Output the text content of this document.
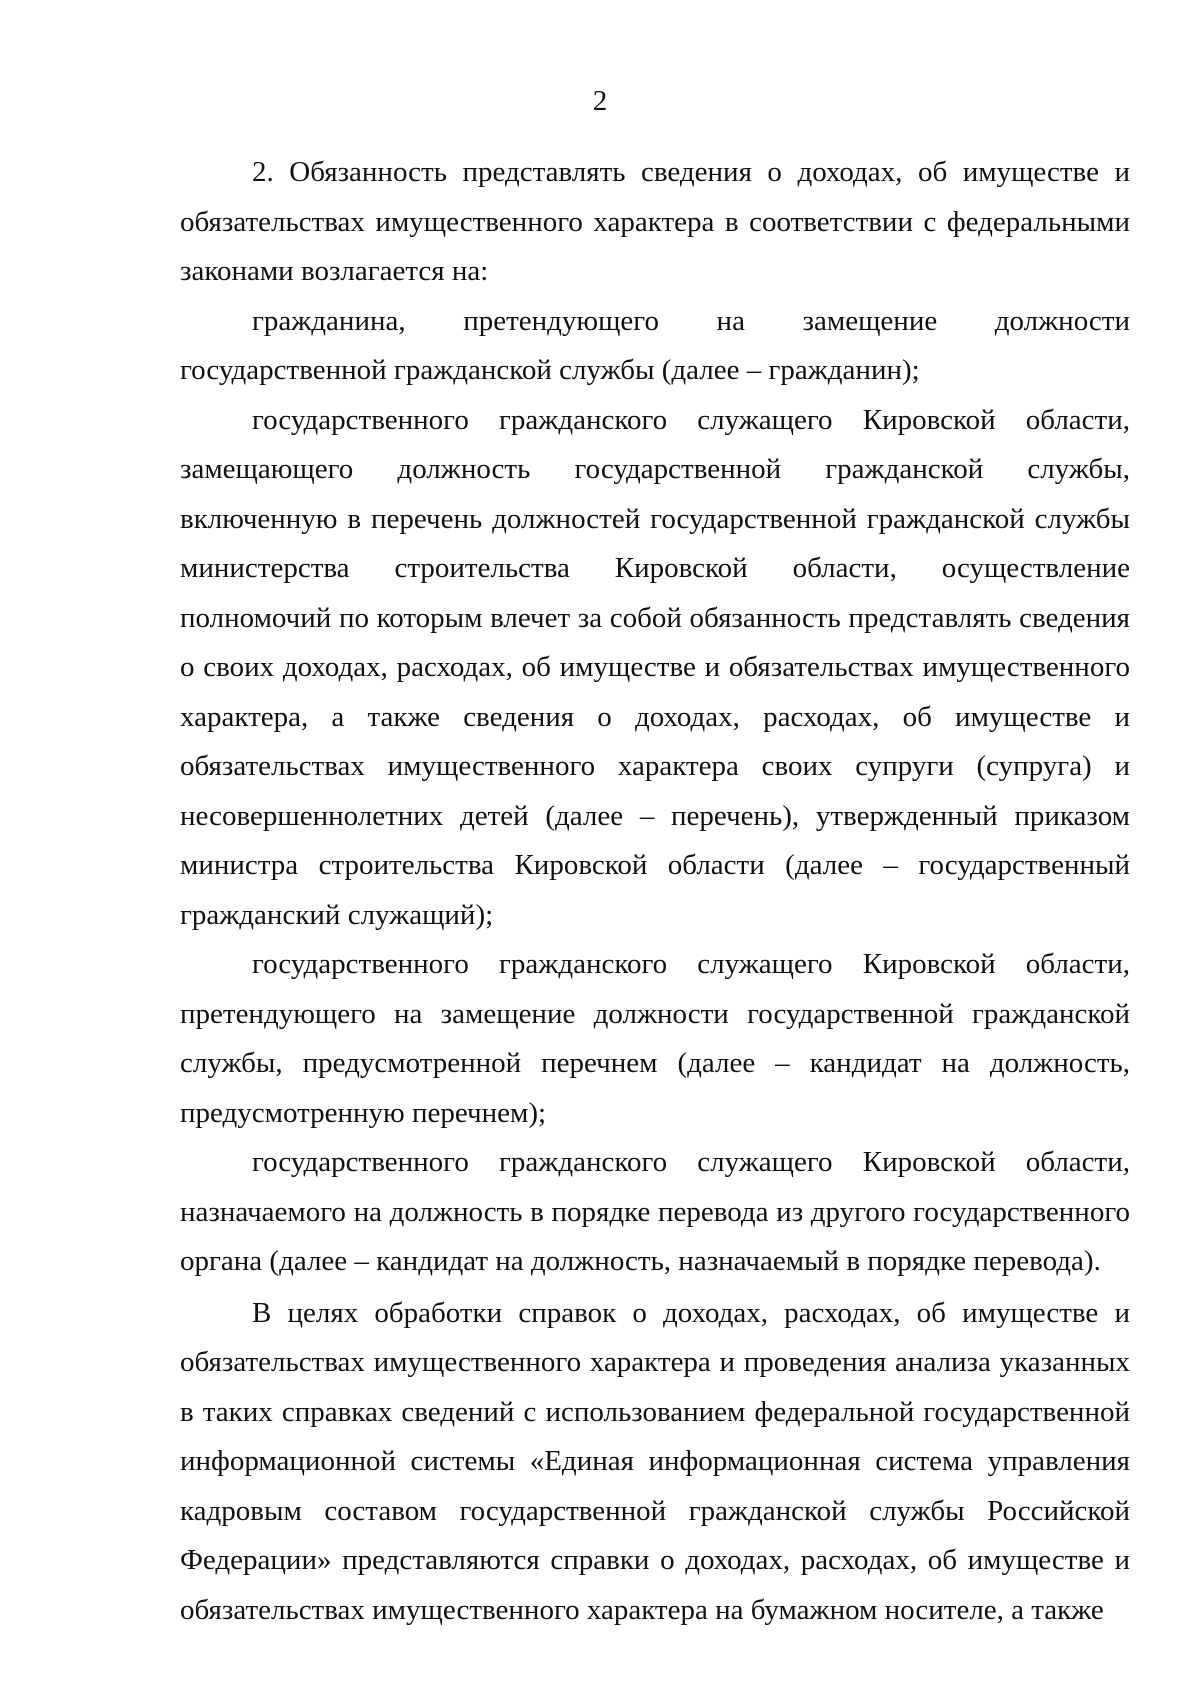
2

2. Обязанность представлять сведения о доходах, об имуществе и обязательствах имущественного характера в соответствии с федеральными законами возлагается на:

гражданина, претендующего на замещение должности государственной гражданской службы (далее – гражданин);

государственного гражданского служащего Кировской области, замещающего должность государственной гражданской службы, включенную в перечень должностей государственной гражданской службы министерства строительства Кировской области, осуществление полномочий по которым влечет за собой обязанность представлять сведения о своих доходах, расходах, об имуществе и обязательствах имущественного характера, а также сведения о доходах, расходах, об имуществе и обязательствах имущественного характера своих супруги (супруга) и несовершеннолетних детей (далее – перечень), утвержденный приказом министра строительства Кировской области (далее – государственный гражданский служащий);

государственного гражданского служащего Кировской области, претендующего на замещение должности государственной гражданской службы, предусмотренной перечнем (далее – кандидат на должность, предусмотренную перечнем);

государственного гражданского служащего Кировской области, назначаемого на должность в порядке перевода из другого государственного органа (далее – кандидат на должность, назначаемый в порядке перевода).

В целях обработки справок о доходах, расходах, об имуществе и обязательствах имущественного характера и проведения анализа указанных в таких справках сведений с использованием федеральной государственной информационной системы «Единая информационная система управления кадровым составом государственной гражданской службы Российской Федерации» представляются справки о доходах, расходах, об имуществе и обязательствах имущественного характера на бумажном носителе, а также
